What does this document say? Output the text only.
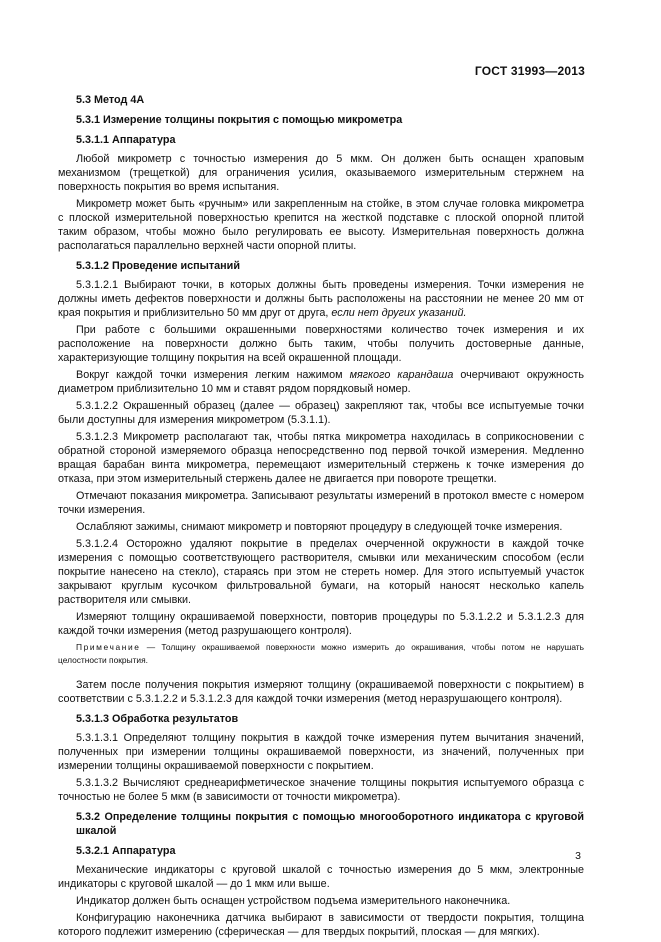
ГОСТ 31993—2013

5.3 Метод 4А

5.3.1 Измерение толщины покрытия с помощью микрометра

5.3.1.1 Аппаратура

Любой микрометр с точностью измерения до 5 мкм. Он должен быть оснащен храповым механизмом (трещеткой) для ограничения усилия, оказываемого измерительным стержнем на поверхность покрытия во время испытания.

Микрометр может быть «ручным» или закрепленным на стойке, в этом случае головка микрометра с плоской измерительной поверхностью крепится на жесткой подставке с плоской опорной плитой таким образом, чтобы можно было регулировать ее высоту. Измерительная поверхность должна располагаться параллельно верхней части опорной плиты.

5.3.1.2 Проведение испытаний

5.3.1.2.1 Выбирают точки, в которых должны быть проведены измерения. Точки измерения не должны иметь дефектов поверхности и должны быть расположены на расстоянии не менее 20 мм от края покрытия и приблизительно 50 мм друг от друга, если нет других указаний.

При работе с большими окрашенными поверхностями количество точек измерения и их расположение на поверхности должно быть таким, чтобы получить достоверные данные, характеризующие толщину покрытия на всей окрашенной площади.

Вокруг каждой точки измерения легким нажимом мягкого карандаша очерчивают окружность диаметром приблизительно 10 мм и ставят рядом порядковый номер.

5.3.1.2.2 Окрашенный образец (далее — образец) закрепляют так, чтобы все испытуемые точки были доступны для измерения микрометром (5.3.1.1).

5.3.1.2.3 Микрометр располагают так, чтобы пятка микрометра находилась в соприкосновении с обратной стороной измеряемого образца непосредственно под первой точкой измерения. Медленно вращая барабан винта микрометра, перемещают измерительный стержень к точке измерения до отказа, при этом измерительный стержень далее не двигается при повороте трещетки.

Отмечают показания микрометра. Записывают результаты измерений в протокол вместе с номером точки измерения.

Ослабляют зажимы, снимают микрометр и повторяют процедуру в следующей точке измерения.

5.3.1.2.4 Осторожно удаляют покрытие в пределах очерченной окружности в каждой точке измерения с помощью соответствующего растворителя, смывки или механическим способом (если покрытие нанесено на стекло), стараясь при этом не стереть номер. Для этого испытуемый участок закрывают круглым кусочком фильтровальной бумаги, на который наносят несколько капель растворителя или смывки.

Измеряют толщину окрашиваемой поверхности, повторив процедуры по 5.3.1.2.2 и 5.3.1.2.3 для каждой точки измерения (метод разрушающего контроля).

Примечание — Толщину окрашиваемой поверхности можно измерить до окрашивания, чтобы потом не нарушать целостности покрытия.

Затем после получения покрытия измеряют толщину (окрашиваемой поверхности с покрытием) в соответствии с 5.3.1.2.2 и 5.3.1.2.3 для каждой точки измерения (метод неразрушающего контроля).

5.3.1.3 Обработка результатов

5.3.1.3.1 Определяют толщину покрытия в каждой точке измерения путем вычитания значений, полученных при измерении толщины окрашиваемой поверхности, из значений, полученных при измерении толщины окрашиваемой поверхности с покрытием.

5.3.1.3.2 Вычисляют среднеарифметическое значение толщины покрытия испытуемого образца с точностью не более 5 мкм (в зависимости от точности микрометра).

5.3.2 Определение толщины покрытия с помощью многооборотного индикатора с круговой шкалой

5.3.2.1 Аппаратура

Механические индикаторы с круговой шкалой с точностью измерения до 5 мкм, электронные индикаторы с круговой шкалой — до 1 мкм или выше.

Индикатор должен быть оснащен устройством подъема измерительного наконечника.

Конфигурацию наконечника датчика выбирают в зависимости от твердости покрытия, толщина которого подлежит измерению (сферическая — для твердых покрытий, плоская — для мягких).

3
